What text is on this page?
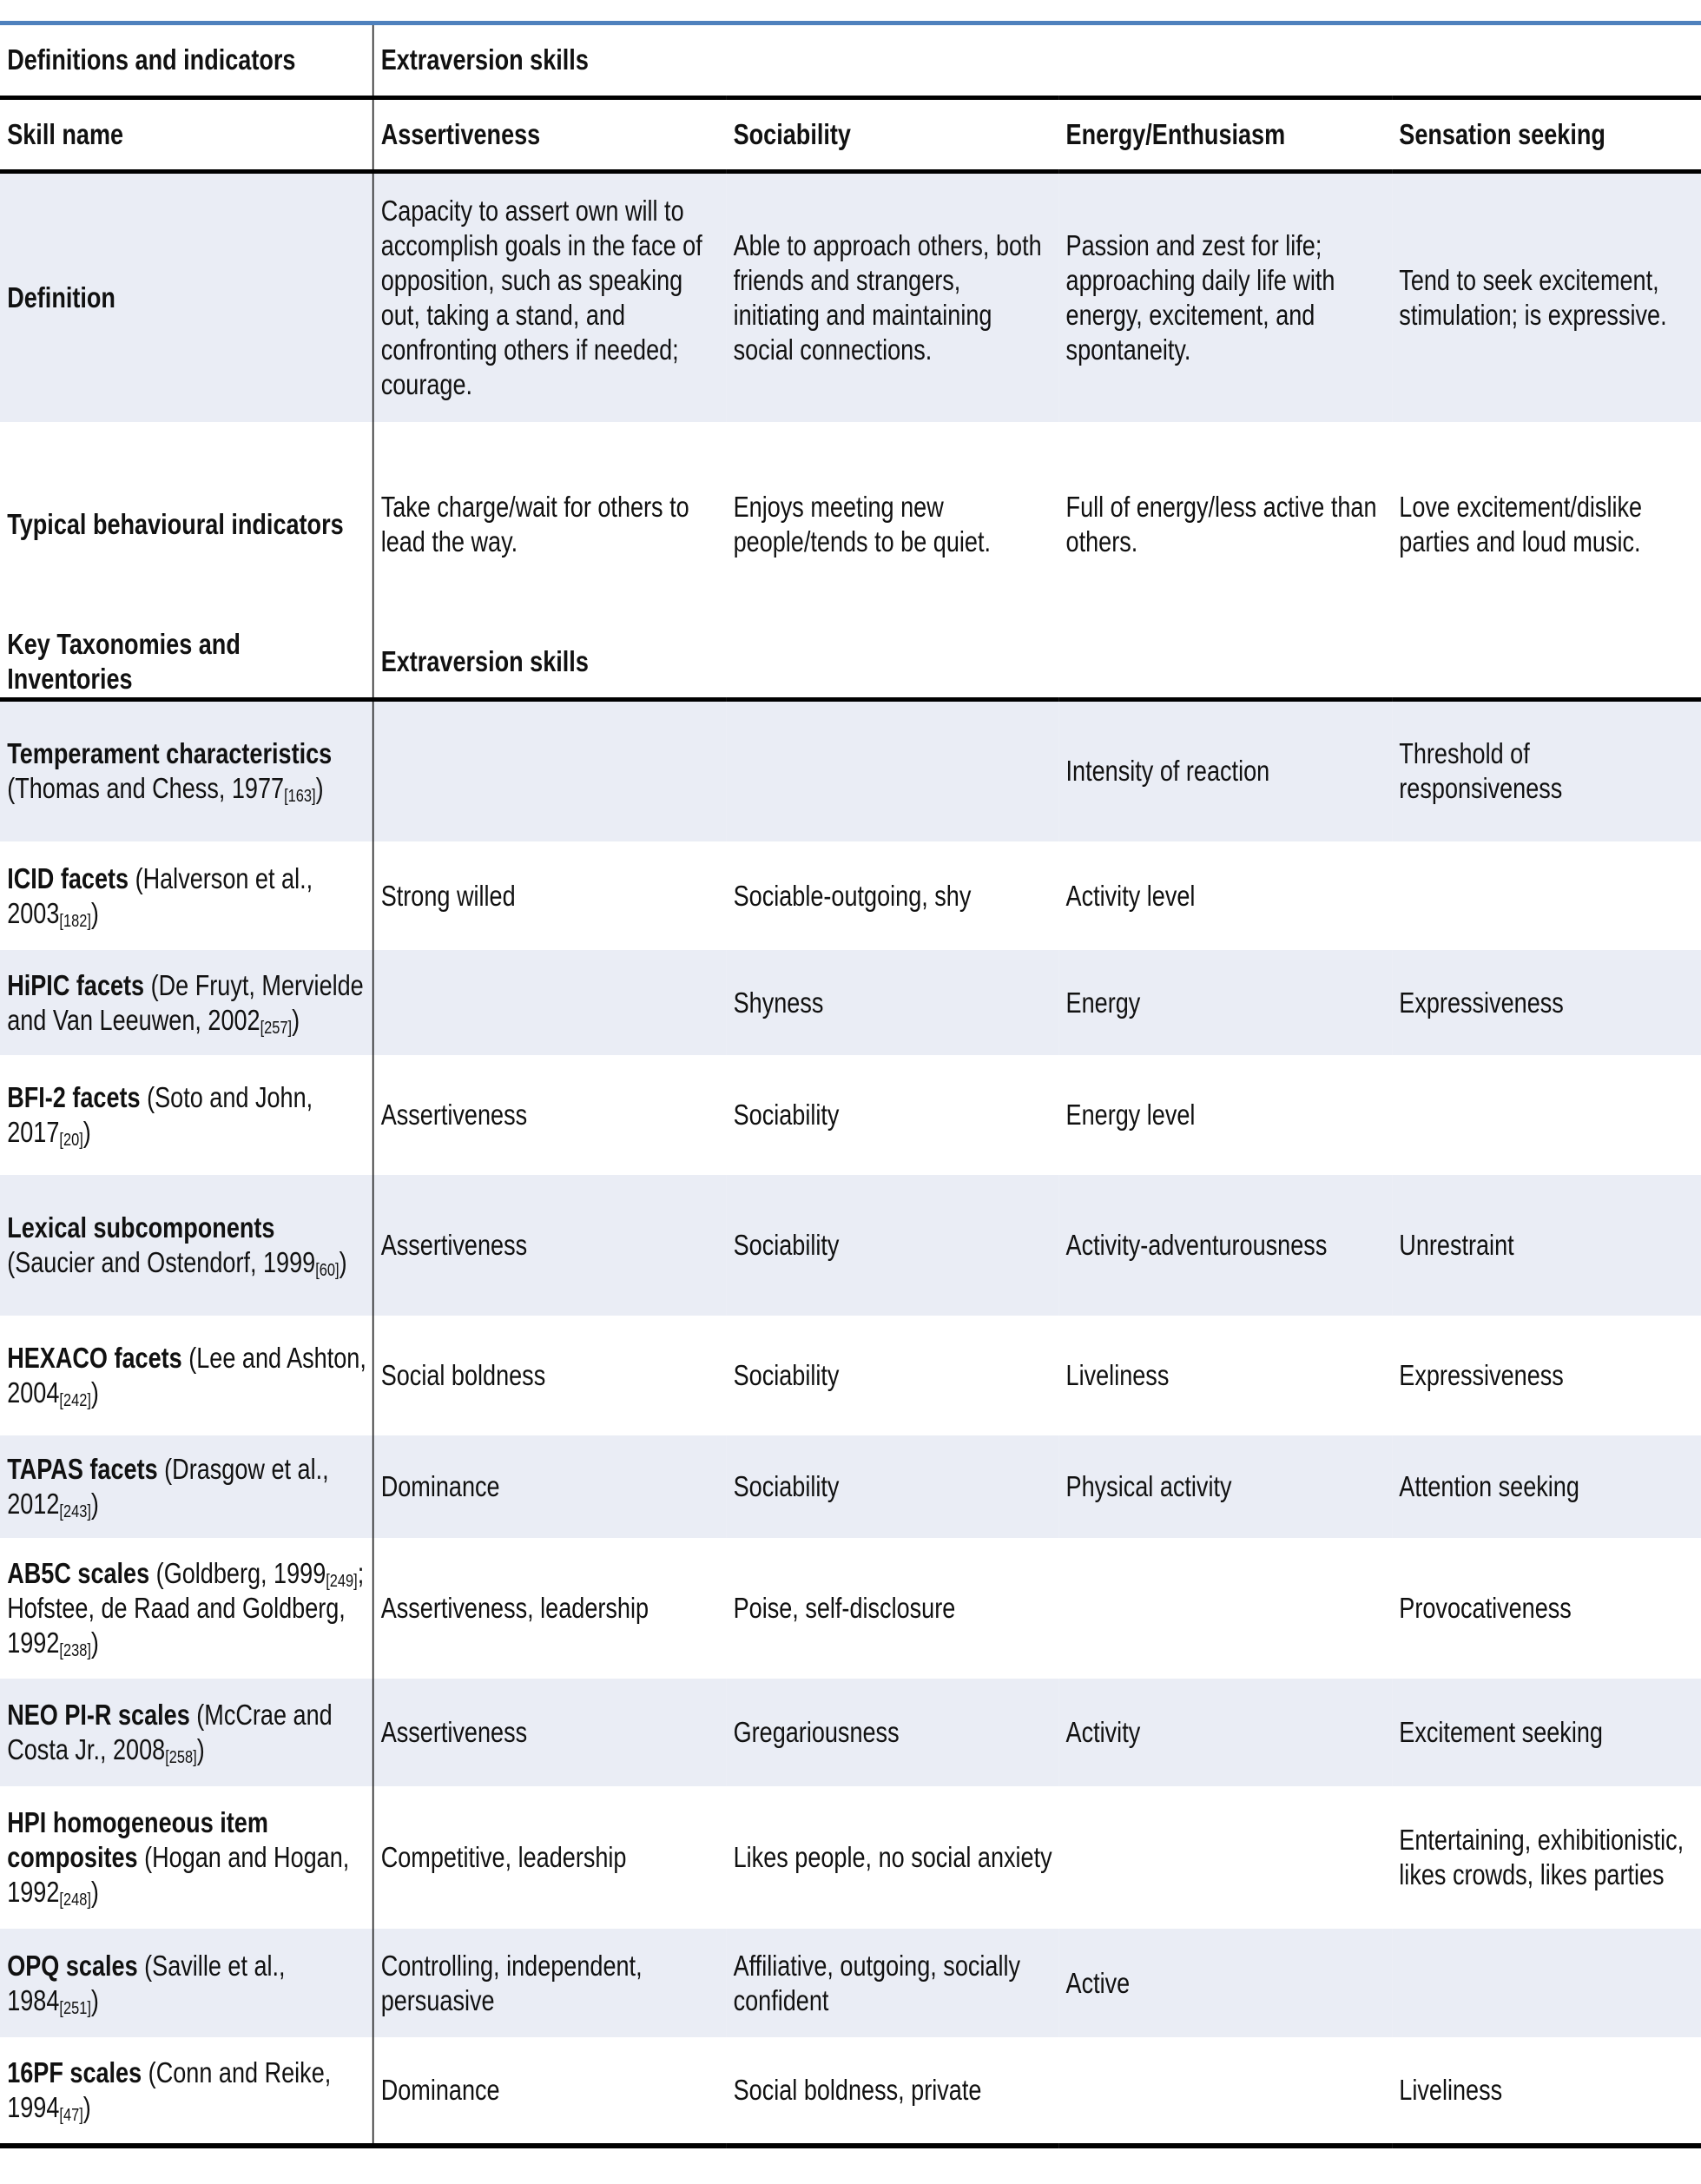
Definitions and indicators	Extraversion skills			
Skill name	Assertiveness	Sociability	Energy/Enthusiasm	Sensation seeking
Definition	Capacity to assert own will to accomplish goals in the face of opposition, such as speaking out, taking a stand, and confronting others if needed; courage.	Able to approach others, both friends and strangers, initiating and maintaining social connections.	Passion and zest for life; approaching daily life with energy, excitement, and spontaneity.	Tend to seek excitement, stimulation; is expressive.
Typical behavioural indicators	Take charge/wait for others to lead the way.	Enjoys meeting new people/tends to be quiet.	Full of energy/less active than others.	Love excitement/dislike parties and loud music.
Key Taxonomies and Inventories	Extraversion skills			
Temperament characteristics (Thomas and Chess, $1977_{[163]}$)			Intensity of reaction	Threshold of responsiveness
ICID facets (Halverson et al., $2003_{[182]}$)	Strong willed	Sociable-outgoing, shy	Activity level	
HiPIC facets (De Fruyt, Mervielde and Van Leeuwen, $2002_{[257]}$)		Shyness	Energy	Expressiveness
BFI-2 facets (Soto and John, $2017_{[20]}$)	Assertiveness	Sociability	Energy level	
Lexical subcomponents (Saucier and Ostendorf, $1999_{[60]}$)	Assertiveness	Sociability	Activity-adventurousness	Unrestraint
HEXACO facets (Lee and Ashton, $2004_{[242]}$)	Social boldness	Sociability	Liveliness	Expressiveness
TAPAS facets (Drasgow et al., $2012_{[243]}$)	Dominance	Sociability	Physical activity	Attention seeking
AB5C scales (Goldberg, $1999_{[249]}$; Hofstee, de Raad and Goldberg, $1992_{[238]}$)	Assertiveness, leadership	Poise, self-disclosure		Provocativeness
NEO PI-R scales (McCrae and Costa Jr., $2008_{[258]}$)	Assertiveness	Gregariousness	Activity	Excitement seeking
HPI homogeneous item composites (Hogan and Hogan, $1992_{[248]}$)	Competitive, leadership	Likes people, no social anxiety		Entertaining, exhibitionistic, likes crowds, likes parties
OPQ scales (Saville et al., $1984_{[251]}$)	Controlling, independent, persuasive	Affiliative, outgoing, socially confident	Active	
16PF scales (Conn and Reike, $1994_{[47]}$)	Dominance	Social boldness, private		Liveliness
